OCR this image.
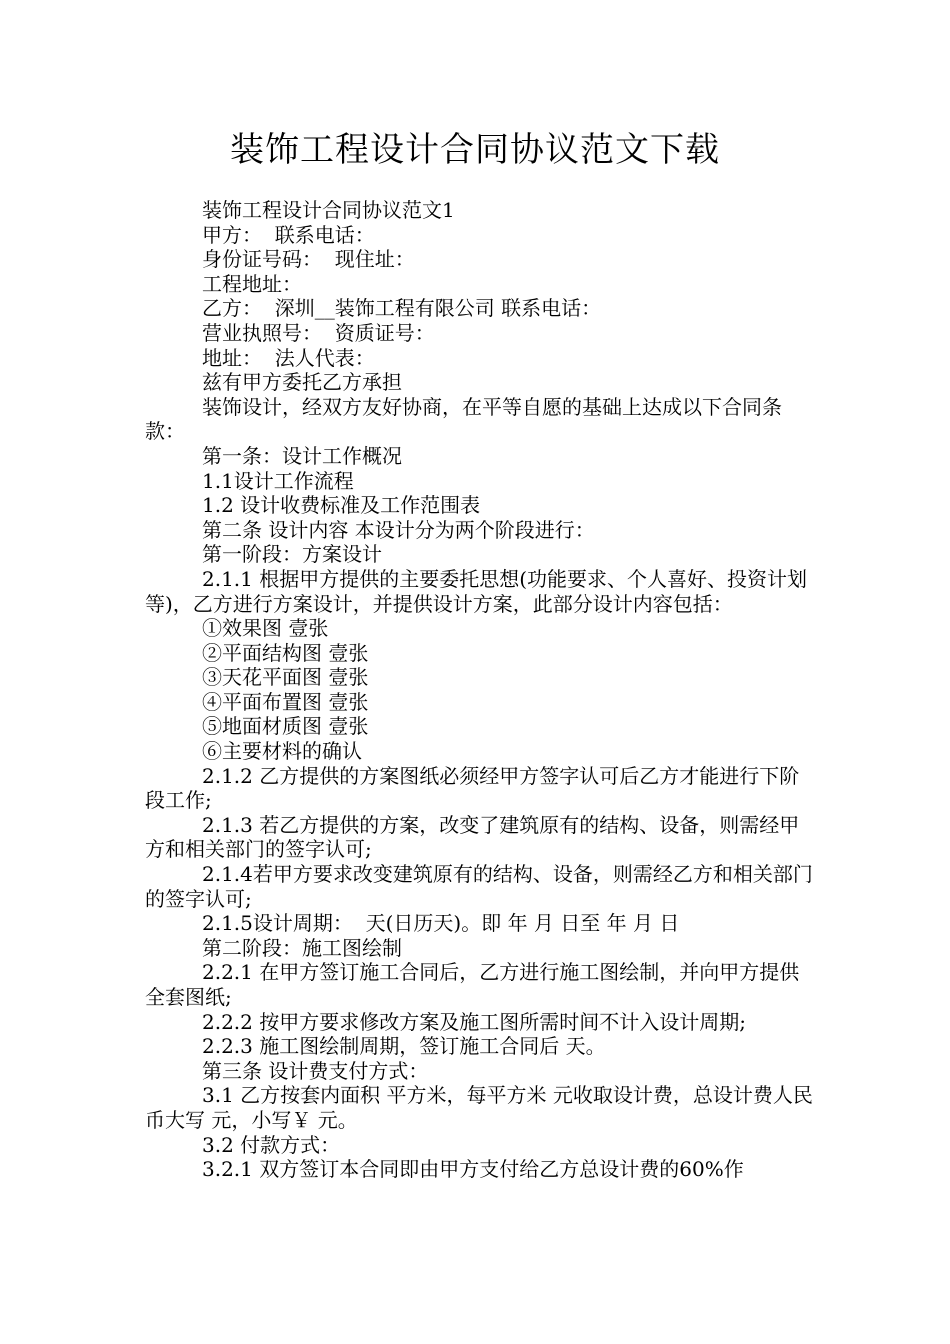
装饰工程设计合同协议范文下载

装饰工程设计合同协议范文1

甲方：  联系电话：

身份证号码：  现住址：

工程地址：

乙方：  深圳__装饰工程有限公司 联系电话：

营业执照号：  资质证号：

地址：  法人代表：

兹有甲方委托乙方承担

装饰设计，经双方友好协商，在平等自愿的基础上达成以下合同条款：

第一条：设计工作概况

1.1设计工作流程

1.2 设计收费标准及工作范围表

第二条 设计内容 本设计分为两个阶段进行：

第一阶段：方案设计

2.1.1 根据甲方提供的主要委托思想(功能要求、个人喜好、投资计划等)，乙方进行方案设计，并提供设计方案，此部分设计内容包括：

①效果图 壹张

②平面结构图 壹张

③天花平面图 壹张

④平面布置图 壹张

⑤地面材质图 壹张

⑥主要材料的确认

2.1.2 乙方提供的方案图纸必须经甲方签字认可后乙方才能进行下阶段工作;

2.1.3 若乙方提供的方案，改变了建筑原有的结构、设备，则需经甲方和相关部门的签字认可;

2.1.4若甲方要求改变建筑原有的结构、设备，则需经乙方和相关部门的签字认可;

2.1.5设计周期：  天(日历天)。即 年 月 日至 年 月 日

第二阶段：施工图绘制

2.2.1 在甲方签订施工合同后，乙方进行施工图绘制，并向甲方提供全套图纸;

2.2.2 按甲方要求修改方案及施工图所需时间不计入设计周期;

2.2.3 施工图绘制周期，签订施工合同后 天。

第三条 设计费支付方式：

3.1 乙方按套内面积 平方米，每平方米 元收取设计费，总设计费人民币大写 元，小写￥ 元。

3.2 付款方式：

3.2.1 双方签订本合同即由甲方支付给乙方总设计费的60%作
